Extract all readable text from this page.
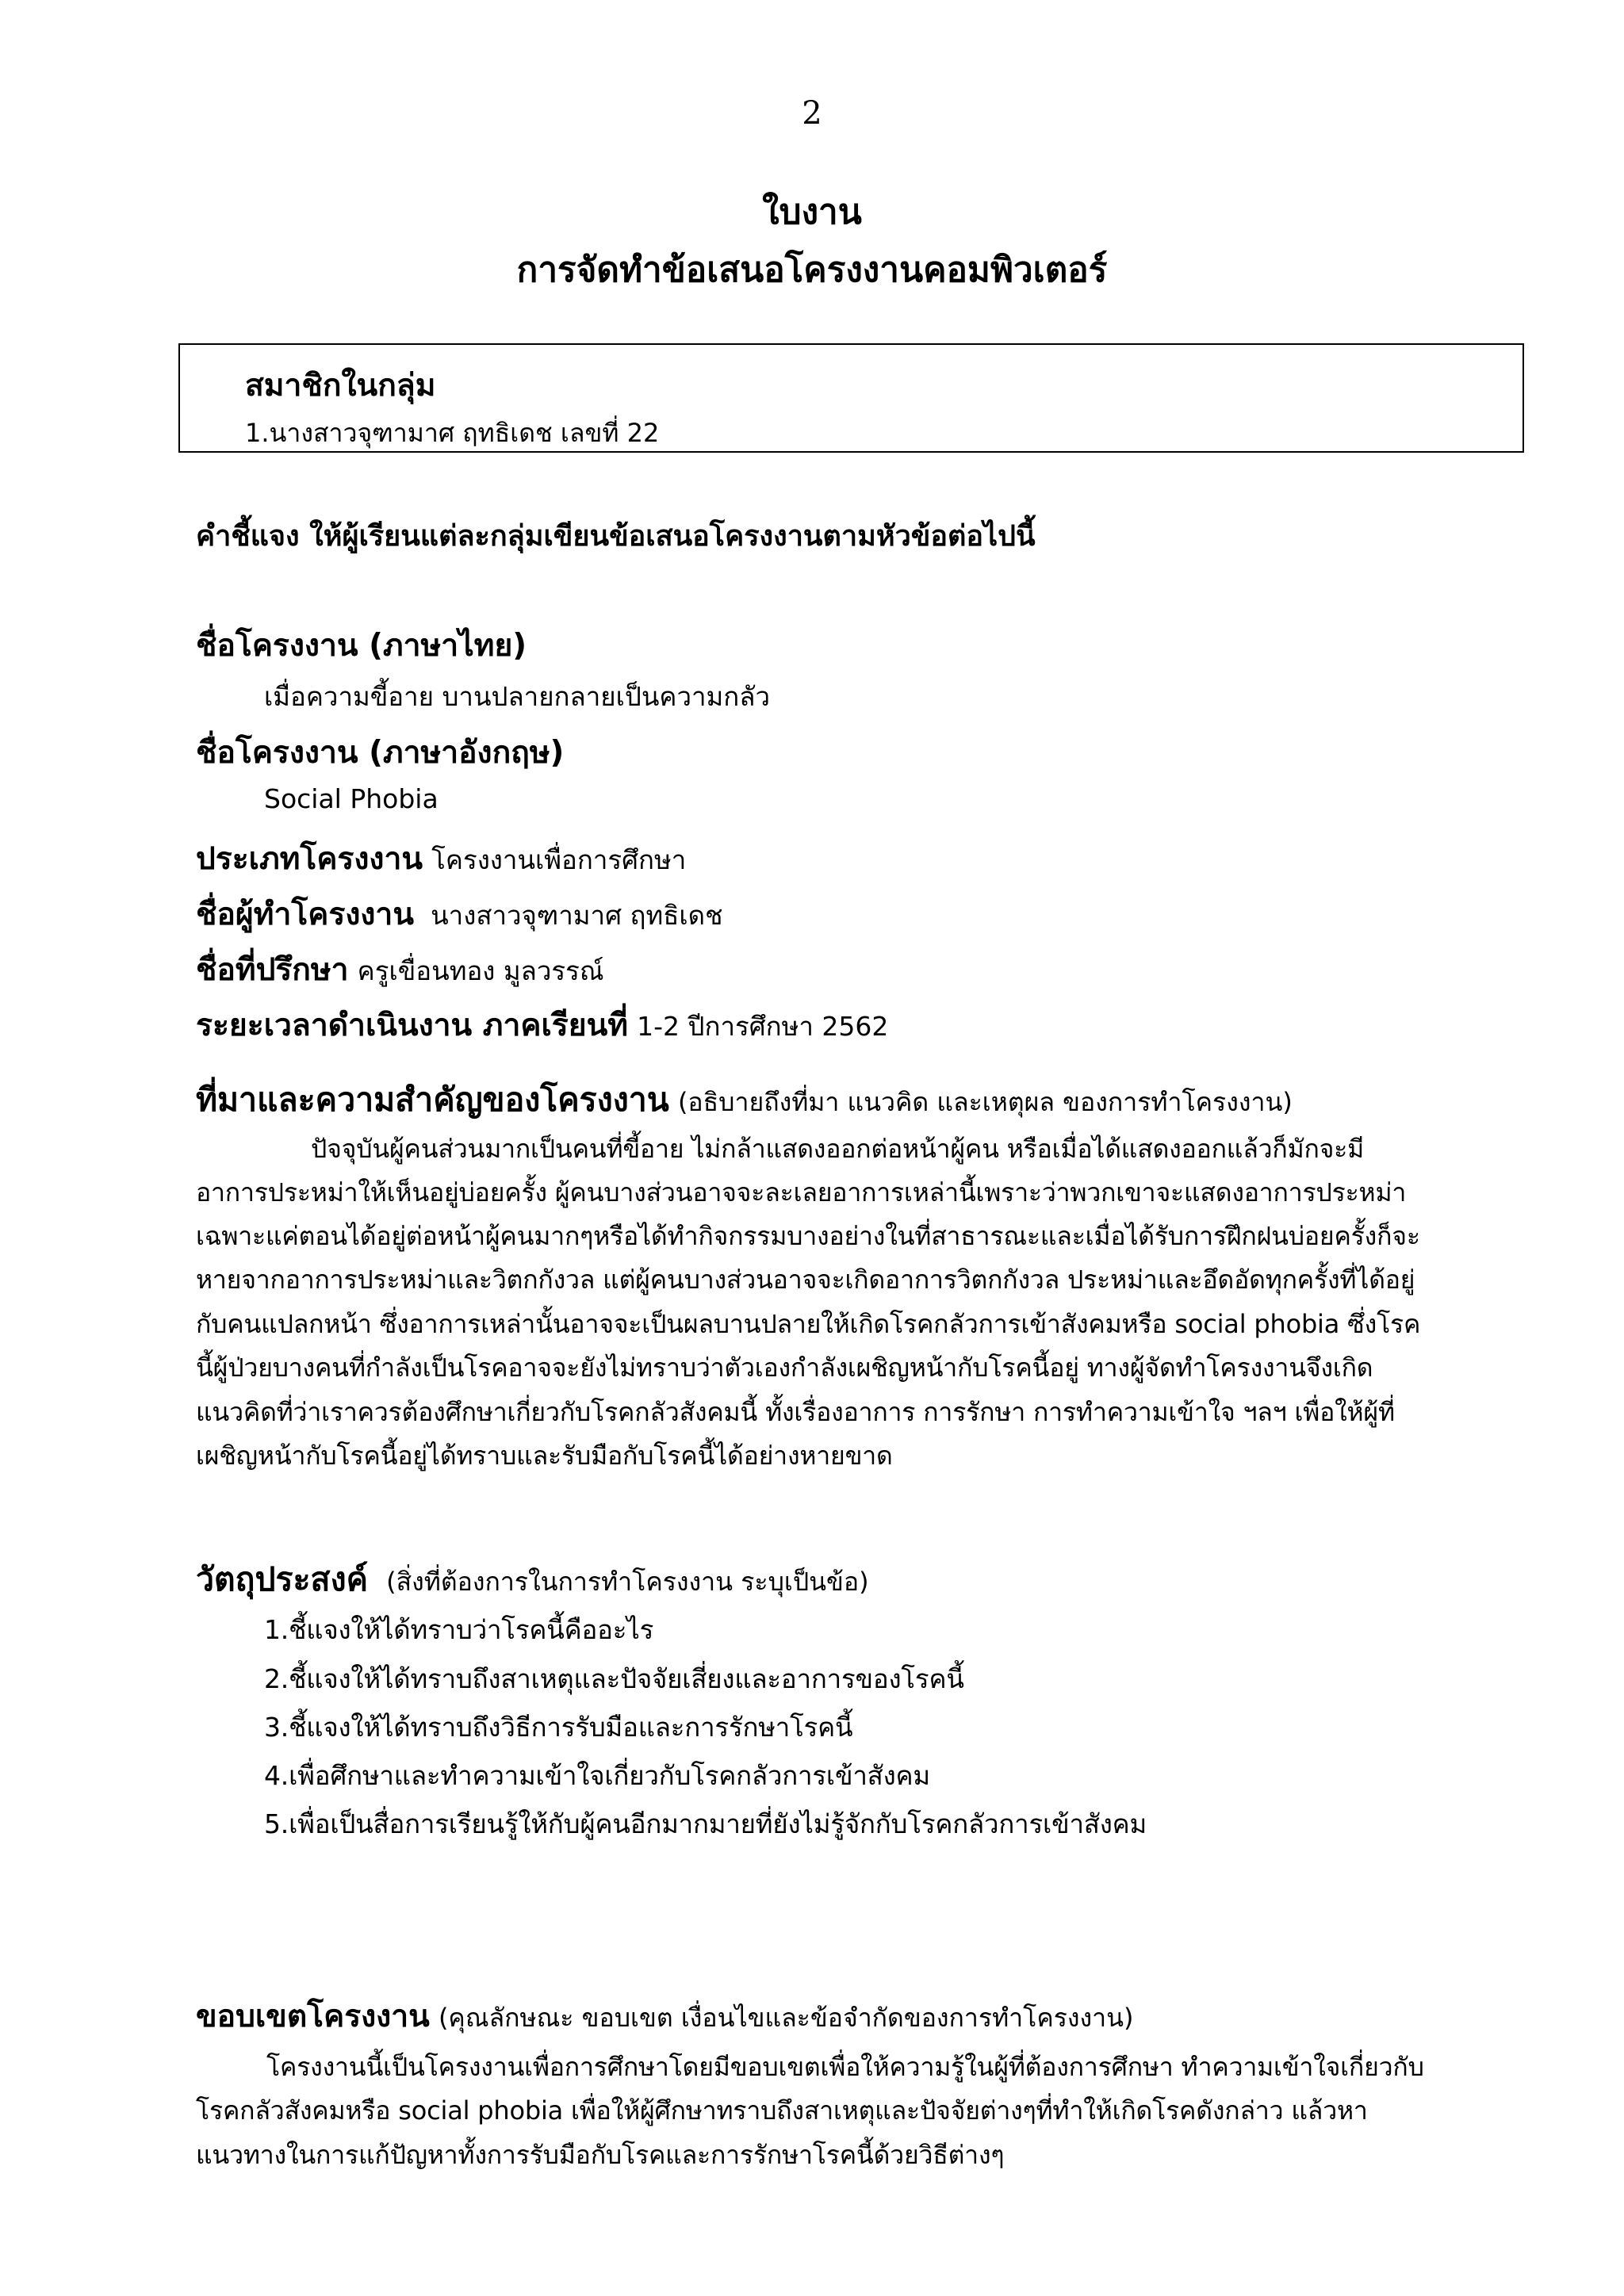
2
ใบงาน
การจัดทำข้อเสนอโครงงานคอมพิวเตอร์
สมาชิกในกลุ่ม
1.นางสาวจุฑามาศ ฤทธิเดช เลขที่ 22
คำชี้แจง ให้ผู้เรียนแต่ละกลุ่มเขียนข้อเสนอโครงงานตามหัวข้อต่อไปนี้
ชื่อโครงงาน (ภาษาไทย)
เมื่อความขี้อาย บานปลายกลายเป็นความกลัว
ชื่อโครงงาน (ภาษาอังกฤษ)
Social Phobia
ประเภทโครงงาน โครงงานเพื่อการศึกษา
ชื่อผู้ทำโครงงาน นางสาวจุฑามาศ ฤทธิเดช
ชื่อที่ปรึกษา ครูเขื่อนทอง มูลวรรณ์
ระยะเวลาดำเนินงาน ภาคเรียนที่ 1-2 ปีการศึกษา 2562
ที่มาและความสำคัญของโครงงาน (อธิบายถึงที่มา แนวคิด และเหตุผล ของการทำโครงงาน)
ปัจจุบันผู้คนส่วนมากเป็นคนที่ขี้อาย ไม่กล้าแสดงออกต่อหน้าผู้คน หรือเมื่อได้แสดงออกแล้วก็มักจะมี
อาการประหม่าให้เห็นอยู่บ่อยครั้ง ผู้คนบางส่วนอาจจะละเลยอาการเหล่านี้เพราะว่าพวกเขาจะแสดงอาการประหม่า
เฉพาะแค่ตอนได้อยู่ต่อหน้าผู้คนมากๆหรือได้ทำกิจกรรมบางอย่างในที่สาธารณะและเมื่อได้รับการฝึกฝนบ่อยครั้งก็จะ
หายจากอาการประหม่าและวิตกกังวล แต่ผู้คนบางส่วนอาจจะเกิดอาการวิตกกังวล ประหม่าและอึดอัดทุกครั้งที่ได้อยู่
กับคนแปลกหน้า ซึ่งอาการเหล่านั้นอาจจะเป็นผลบานปลายให้เกิดโรคกลัวการเข้าสังคมหรือ social phobia ซึ่งโรค
นี้ผู้ป่วยบางคนที่กำลังเป็นโรคอาจจะยังไม่ทราบว่าตัวเองกำลังเผชิญหน้ากับโรคนี้อยู่ ทางผู้จัดทำโครงงานจึงเกิด
แนวคิดที่ว่าเราควรต้องศึกษาเกี่ยวกับโรคกลัวสังคมนี้ ทั้งเรื่องอาการ การรักษา การทำความเข้าใจ ฯลฯ เพื่อให้ผู้ที่
เผชิญหน้ากับโรคนี้อยู่ได้ทราบและรับมือกับโรคนี้ได้อย่างหายขาด
วัตถุประสงค์ (สิ่งที่ต้องการในการทำโครงงาน ระบุเป็นข้อ)
1.ชี้แจงให้ได้ทราบว่าโรคนี้คืออะไร
2.ชี้แจงให้ได้ทราบถึงสาเหตุและปัจจัยเสี่ยงและอาการของโรคนี้
3.ชี้แจงให้ได้ทราบถึงวิธีการรับมือและการรักษาโรคนี้
4.เพื่อศึกษาและทำความเข้าใจเกี่ยวกับโรคกลัวการเข้าสังคม
5.เพื่อเป็นสื่อการเรียนรู้ให้กับผู้คนอีกมากมายที่ยังไม่รู้จักกับโรคกลัวการเข้าสังคม
ขอบเขตโครงงาน (คุณลักษณะ ขอบเขต เงื่อนไขและข้อจำกัดของการทำโครงงาน)
โครงงานนี้เป็นโครงงานเพื่อการศึกษาโดยมีขอบเขตเพื่อให้ความรู้ในผู้ที่ต้องการศึกษา ทำความเข้าใจเกี่ยวกับ
โรคกลัวสังคมหรือ social phobia เพื่อให้ผู้ศึกษาทราบถึงสาเหตุและปัจจัยต่างๆที่ทำให้เกิดโรคดังกล่าว แล้วหา
แนวทางในการแก้ปัญหาทั้งการรับมือกับโรคและการรักษาโรคนี้ด้วยวิธีต่างๆ
